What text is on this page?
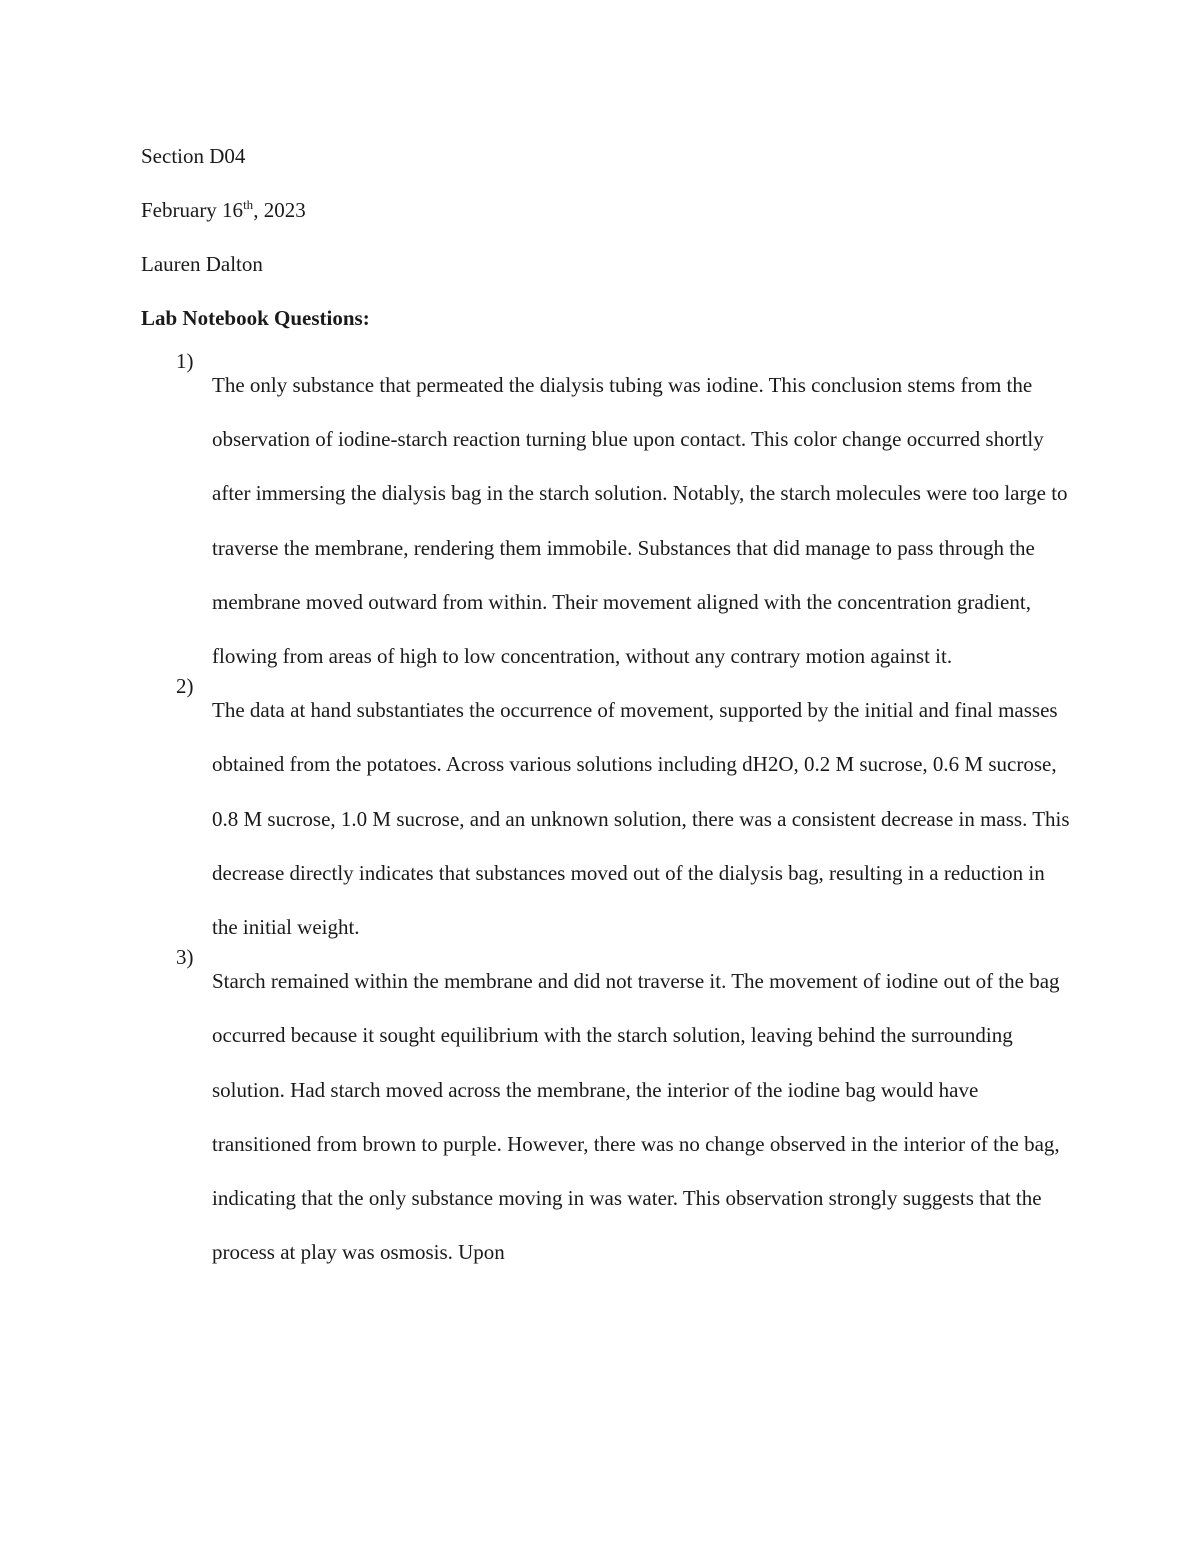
Section D04
February 16th, 2023
Lauren Dalton
Lab Notebook Questions:
1)
The only substance that permeated the dialysis tubing was iodine. This conclusion stems from the observation of iodine-starch reaction turning blue upon contact. This color change occurred shortly after immersing the dialysis bag in the starch solution. Notably, the starch molecules were too large to traverse the membrane, rendering them immobile. Substances that did manage to pass through the membrane moved outward from within. Their movement aligned with the concentration gradient, flowing from areas of high to low concentration, without any contrary motion against it.
2)
The data at hand substantiates the occurrence of movement, supported by the initial and final masses obtained from the potatoes. Across various solutions including dH2O, 0.2 M sucrose, 0.6 M sucrose, 0.8 M sucrose, 1.0 M sucrose, and an unknown solution, there was a consistent decrease in mass. This decrease directly indicates that substances moved out of the dialysis bag, resulting in a reduction in the initial weight.
3)
Starch remained within the membrane and did not traverse it. The movement of iodine out of the bag occurred because it sought equilibrium with the starch solution, leaving behind the surrounding solution. Had starch moved across the membrane, the interior of the iodine bag would have transitioned from brown to purple. However, there was no change observed in the interior of the bag, indicating that the only substance moving in was water. This observation strongly suggests that the process at play was osmosis. Upon
